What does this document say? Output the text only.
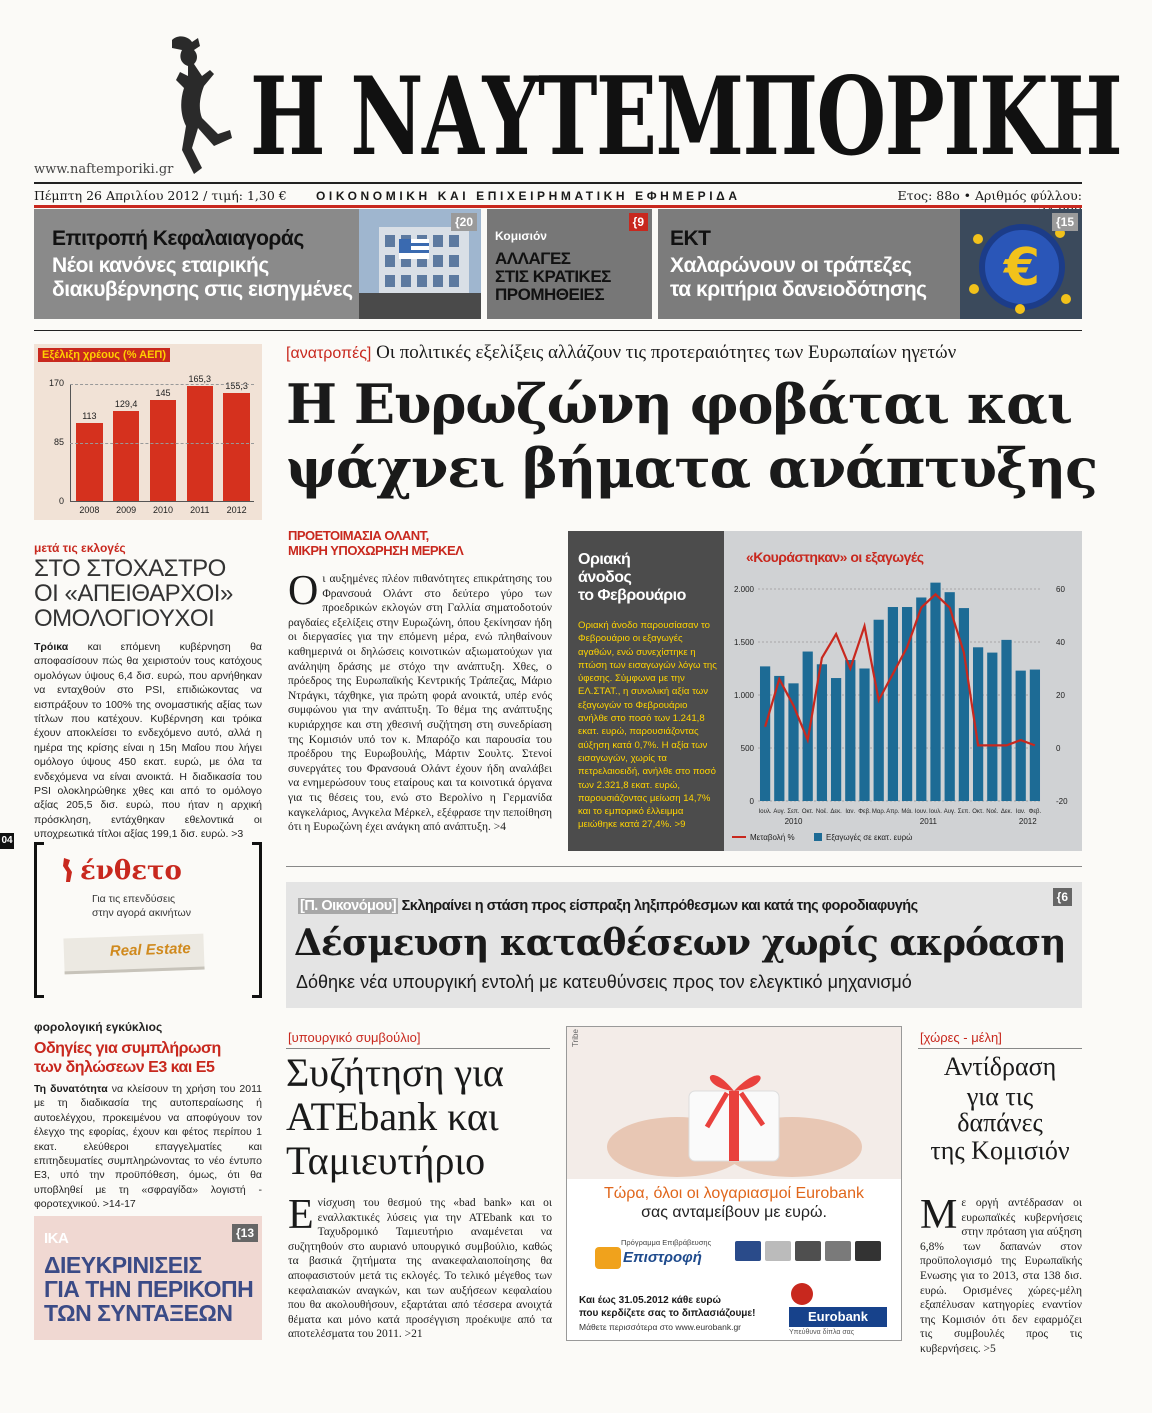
Η ΝΑΥΤΕΜΠΟΡΙΚΗ
www.naftemporiki.gr
Πέμπτη 26 Απριλίου 2012 / τιμή: 1,30 € ΟΙΚΟΝΟΜΙΚΗ ΚΑΙ ΕΠΙΧΕΙΡΗΜΑΤΙΚΗ ΕΦΗΜΕΡΙΔΑ	Ετος: 88ο • Αριθμός φύλλου:
{20
Επιτροπή Κεφαλαιαγοράς
Νέοι κανόνες εταιρικής
διακυβέρνησης στις εισηγμένες
{9
Κομισιόν
ΑΛΛΑΓΕΣ
ΣΤΙΣ ΚΡΑΤΙΚΕΣ
ΠΡΟΜΗΘΕΙΕΣ	€
{15
ΕΚΤ
Χαλαρώνουν οι τράπεζες
τα κριτήρια δανειοδότησης
Εξέλιξη χρέους (% ΑΕΠ)
113
2008
129,4
2009
145
2010
165,3
2011
155,3
2012
170
85
0
μετά τις εκλογές
ΣΤΟ ΣΤΟΧΑΣΤΡΟ
ΟΙ «ΑΠΕΙΘΑΡΧΟΙ»
ΟΜΟΛΟΓΙΟΥΧΟΙ
Τρόικα και επόμενη κυβέρνηση θα αποφασίσουν πώς θα χειριστούν τους κατόχους ομολόγων ύψους 6,4 δισ. ευρώ, που αρνήθηκαν να ενταχθούν στο PSI, επιδιώκοντας να εισπράξουν το 100% της ονομαστικής αξίας των τίτλων που κατέχουν. Κυβέρνηση και τρόικα έχουν αποκλείσει το ενδεχόμενο αυτό, αλλά η ημέρα της κρίσης είναι η 15η Μαΐου που λήγει ομόλογο ύψους 450 εκατ. ευρώ, με όλα τα ενδεχόμενα να είναι ανοικτά. Η διαδικασία του PSI ολοκληρώθηκε χθες και από το ομόλογο αξίας 205,5 δισ. ευρώ, που ήταν η αρχική πρόσκληση, εντάχθηκαν εθελοντικά οι υποχρεωτικά τίτλοι αξίας 199,1 δισ. ευρώ. >3
04
ένθετο
Για τις επενδύσεις
στην αγορά ακινήτων
Real Estate
φορολογική εγκύκλιος
Οδηγίες για συμπλήρωση
των δηλώσεων Ε3 και Ε5
Τη δυνατότητα να κλείσουν τη χρήση του 2011 με τη διαδικασία της αυτοπεραίωσης ή αυτοελέγχου, προκειμένου να αποφύγουν τον έλεγχο της εφορίας, έχουν και φέτος περίπου 1 εκατ. ελεύθεροι επαγγελματίες και επιτηδευματίες συμπληρώνοντας το νέο έντυπο Ε3, υπό την προϋπόθεση, όμως, ότι θα υποβληθεί με τη «σφραγίδα» λογιστή - φοροτεχνικού. >14-17
{13
ΙΚΑ
ΔΙΕΥΚΡΙΝΙΣΕΙΣ
ΓΙΑ ΤΗΝ ΠΕΡΙΚΟΠΗ
ΤΩΝ ΣΥΝΤΑΞΕΩΝ
[ανατροπές] Οι πολιτικές εξελίξεις αλλάζουν τις προτεραιότητες των Ευρωπαίων ηγετών
Η Ευρωζώνη φοβάται και
ψάχνει βήματα ανάπτυξης
ΠΡΟΕΤΟΙΜΑΣΙΑ ΟΛΑΝΤ,
ΜΙΚΡΗ ΥΠΟΧΩΡΗΣΗ ΜΕΡΚΕΛ
Οι αυξημένες πλέον πιθανότητες επικράτησης του Φρανσουά Ολάντ στο δεύτερο γύρο των προεδρικών εκλογών στη Γαλλία σηματοδοτούν ραγδαίες εξελίξεις στην Ευρωζώνη, όπου ξεκίνησαν ήδη οι διεργασίες για την επόμενη μέρα, ενώ πληθαίνουν καθημερινά οι δηλώσεις κοινοτικών αξιωματούχων για ανάληψη δράσης με στόχο την ανάπτυξη. Χθες, ο πρόεδρος της Ευρωπαϊκής Κεντρικής Τράπεζας, Μάριο Ντράγκι, τάχθηκε, για πρώτη φορά ανοικτά, υπέρ ενός συμφώνου για την ανάπτυξη. Το θέμα της ανάπτυξης κυριάρχησε και στη χθεσινή συζήτηση στη συνεδρίαση της Κομισιόν υπό τον κ. Μπαρόζο και παρουσία του προέδρου της Ευρωβουλής, Μάρτιν Σουλτς. Στενοί συνεργάτες του Φρανσουά Ολάντ έχουν ήδη αναλάβει να ενημερώσουν τους εταίρους και τα κοινοτικά όργανα για τις θέσεις του, ενώ στο Βερολίνο η Γερμανίδα καγκελάριος, Ανγκελα Μέρκελ, εξέφρασε την πεποίθηση ότι η Ευρωζώνη έχει ανάγκη από ανάπτυξη. >4
Οριακή
άνοδος
το Φεβρουάριο
Οριακή άνοδο παρουσίασαν το Φεβρουάριο οι εξαγωγές αγαθών, ενώ συνεχίστηκε η πτώση των εισαγωγών λόγω της ύφεσης. Σύμφωνα με την ΕΛ.ΣΤΑΤ., η συνολική αξία των εξαγωγών το Φεβρουάριο ανήλθε στο ποσό των 1.241,8 εκατ. ευρώ, παρουσιάζοντας αύξηση κατά 0,7%. Η αξία των εισαγωγών, χωρίς τα πετρελαιοειδή, ανήλθε στο ποσό των 2.321,8 εκατ. ευρώ, παρουσιάζοντας μείωση 14,7% και το εμπορικό έλλειμμα μειώθηκε κατά 27,4%. >9
«Κουράστηκαν» οι εξαγωγές
2.000
1.500
1.000
500
0
60
40
20
0
-20
Ιουλ. Αυγ. Σεπ. Οκτ. Νοέ. Δεκ. Ιαν. Φεβ. Μαρ. Απρ. Μάι. Ιουν. Ιουλ. Αυγ. Σεπ. Οκτ. Νοέ. Δεκ. Ιαν. Φεβ.
2010	2011	2012
Μεταβολή %	Εξαγωγές σε εκατ. ευρώ
{6
[Π. Οικονόμου] Σκληραίνει η στάση προς είσπραξη ληξιπρόθεσμων και κατά της φοροδιαφυγής
Δέσμευση καταθέσεων χωρίς ακρόαση
Δόθηκε νέα υπουργική εντολή με κατευθύνσεις προς τον ελεγκτικό μηχανισμό
[υπουργικό συμβούλιο]
Συζήτηση για
ATEbank και
Ταμιευτήριο
Ενίσχυση του θεσμού της «bad bank» και οι εναλλακτικές λύσεις για την ATEbank και το Ταχυδρομικό Ταμιευτήριο αναμένεται να συζητηθούν στο αυριανό υπουργικό συμβούλιο, καθώς τα βασικά ζητήματα της ανακεφαλαιοποίησης θα αποφασιστούν μετά τις εκλογές. Το τελικό μέγεθος των κεφαλαιακών αναγκών, και των αυξήσεων κεφαλαίου που θα ακολουθήσουν, εξαρτάται από τέσσερα ανοιχτά θέματα και μόνο κατά προσέγγιση προέκυψε από τα αποτελέσματα του 2011. >21
Tribe
Τώρα, όλοι οι λογαριασμοί Eurobank
σας ανταμείβουν με ευρώ.
Πρόγραμμα Επιβράβευσης
Επιστροφή
Και έως 31.05.2012 κάθε ευρώ
που κερδίζετε σας το διπλασιάζουμε!
Μάθετε περισσότερα στο www.eurobank.gr
Eurobank
Υπεύθυνα δίπλα σας
[χώρες - μέλη]
Αντίδραση
για τις
δαπάνες
της Κομισιόν
Με οργή αντέδρασαν οι ευρωπαϊκές κυβερνήσεις στην πρόταση για αύξηση 6,8% των δαπανών στον προϋπολογισμό της Ευρωπαϊκής Ενωσης για το 2013, στα 138 δισ. ευρώ. Ορισμένες χώρες-μέλη εξαπέλυσαν κατηγορίες εναντίον της Κομισιόν ότι δεν εφαρμόζει τις συμβουλές προς τις κυβερνήσεις. >5
